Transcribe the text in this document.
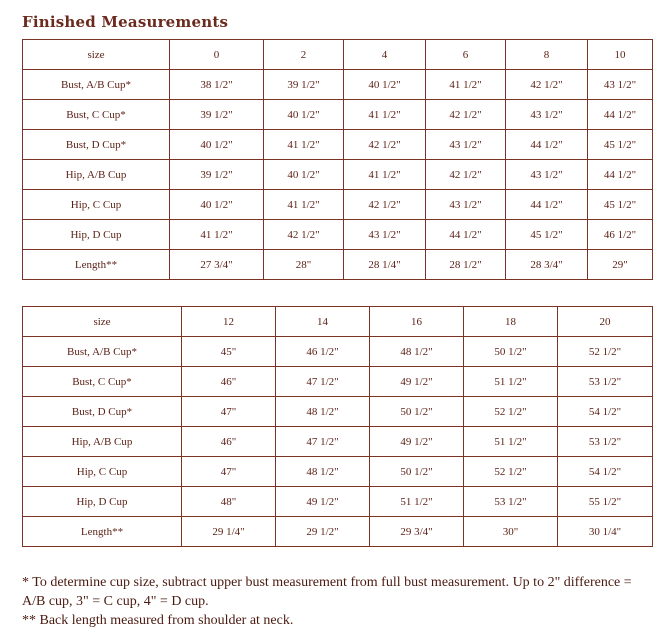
Finished Measurements
size	0	2	4	6	8	10
Bust, A/B Cup*	38 1/2"	39 1/2"	40 1/2"	41 1/2"	42 1/2"	43 1/2"
Bust, C Cup*	39 1/2"	40 1/2"	41 1/2"	42 1/2"	43 1/2"	44 1/2"
Bust, D Cup*	40 1/2"	41 1/2"	42 1/2"	43 1/2"	44 1/2"	45 1/2"
Hip, A/B Cup	39 1/2"	40 1/2"	41 1/2"	42 1/2"	43 1/2"	44 1/2"
Hip, C Cup	40 1/2"	41 1/2"	42 1/2"	43 1/2"	44 1/2"	45 1/2"
Hip, D Cup	41 1/2"	42 1/2"	43 1/2"	44 1/2"	45 1/2"	46 1/2"
Length**	27 3/4"	28"	28 1/4"	28 1/2"	28 3/4"	29"
size	12	14	16	18	20
Bust, A/B Cup*	45"	46 1/2"	48 1/2"	50 1/2"	52 1/2"
Bust, C Cup*	46"	47 1/2"	49 1/2"	51 1/2"	53 1/2"
Bust, D Cup*	47"	48 1/2"	50 1/2"	52 1/2"	54 1/2"
Hip, A/B Cup	46"	47 1/2"	49 1/2"	51 1/2"	53 1/2"
Hip, C Cup	47"	48 1/2"	50 1/2"	52 1/2"	54 1/2"
Hip, D Cup	48"	49 1/2"	51 1/2"	53 1/2"	55 1/2"
Length**	29 1/4"	29 1/2"	29 3/4"	30"	30 1/4"

* To determine cup size, subtract upper bust measurement from full bust measurement. Up to 2" difference = A/B cup, 3" = C cup, 4" = D cup.

** Back length measured from shoulder at neck.
